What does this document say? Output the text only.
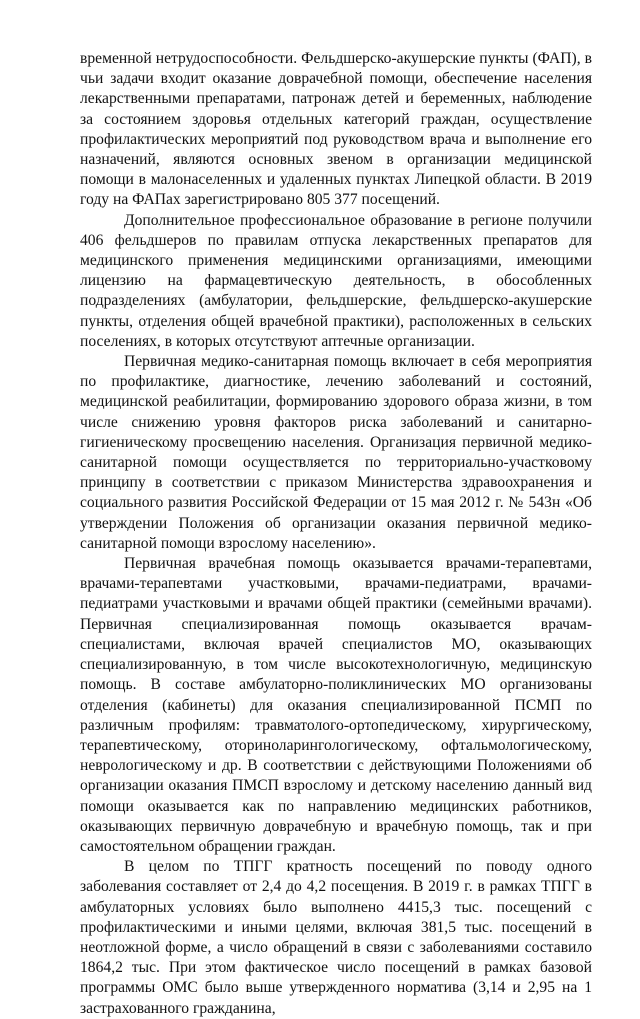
временной нетрудоспособности. Фельдшерско-акушерские пункты (ФАП), в чьи задачи входит оказание доврачебной помощи, обеспечение населения лекарственными препаратами, патронаж детей и беременных, наблюдение за состоянием здоровья отдельных категорий граждан, осуществление профилактических мероприятий под руководством врача и выполнение его назначений, являются основных звеном в организации медицинской помощи в малонаселенных и удаленных пунктах Липецкой области. В 2019 году на ФАПах зарегистрировано 805 377 посещений.

Дополнительное профессиональное образование в регионе получили 406 фельдшеров по правилам отпуска лекарственных препаратов для медицинского применения медицинскими организациями, имеющими лицензию на фармацевтическую деятельность, в обособленных подразделениях (амбулатории, фельдшерские, фельдшерско-акушерские пункты, отделения общей врачебной практики), расположенных в сельских поселениях, в которых отсутствуют аптечные организации.

Первичная медико-санитарная помощь включает в себя мероприятия по профилактике, диагностике, лечению заболеваний и состояний, медицинской реабилитации, формированию здорового образа жизни, в том числе снижению уровня факторов риска заболеваний и санитарно-гигиеническому просвещению населения. Организация первичной медико-санитарной помощи осуществляется по территориально-участковому принципу в соответствии с приказом Министерства здравоохранения и социального развития Российской Федерации от 15 мая 2012 г. № 543н «Об утверждении Положения об организации оказания первичной медико-санитарной помощи взрослому населению».

Первичная врачебная помощь оказывается врачами-терапевтами, врачами-терапевтами участковыми, врачами-педиатрами, врачами-педиатрами участковыми и врачами общей практики (семейными врачами). Первичная специализированная помощь оказывается врачам-специалистами, включая врачей специалистов МО, оказывающих специализированную, в том числе высокотехнологичную, медицинскую помощь. В составе амбулаторно-поликлинических МО организованы отделения (кабинеты) для оказания специализированной ПСМП по различным профилям: травматолого-ортопедическому, хирургическому, терапевтическому, оториноларингологическому, офтальмологическому, неврологическому и др. В соответствии с действующими Положениями об организации оказания ПМСП взрослому и детскому населению данный вид помощи оказывается как по направлению медицинских работников, оказывающих первичную доврачебную и врачебную помощь, так и при самостоятельном обращении граждан.

В целом по ТПГГ кратность посещений по поводу одного заболевания составляет от 2,4 до 4,2 посещения. В 2019 г. в рамках ТПГГ в амбулаторных условиях было выполнено 4415,3 тыс. посещений с профилактическими и иными целями, включая 381,5 тыс. посещений в неотложной форме, а число обращений в связи с заболеваниями составило 1864,2 тыс. При этом фактическое число посещений в рамках базовой программы ОМС было выше утвержденного норматива (3,14 и 2,95 на 1 застрахованного гражданина,
